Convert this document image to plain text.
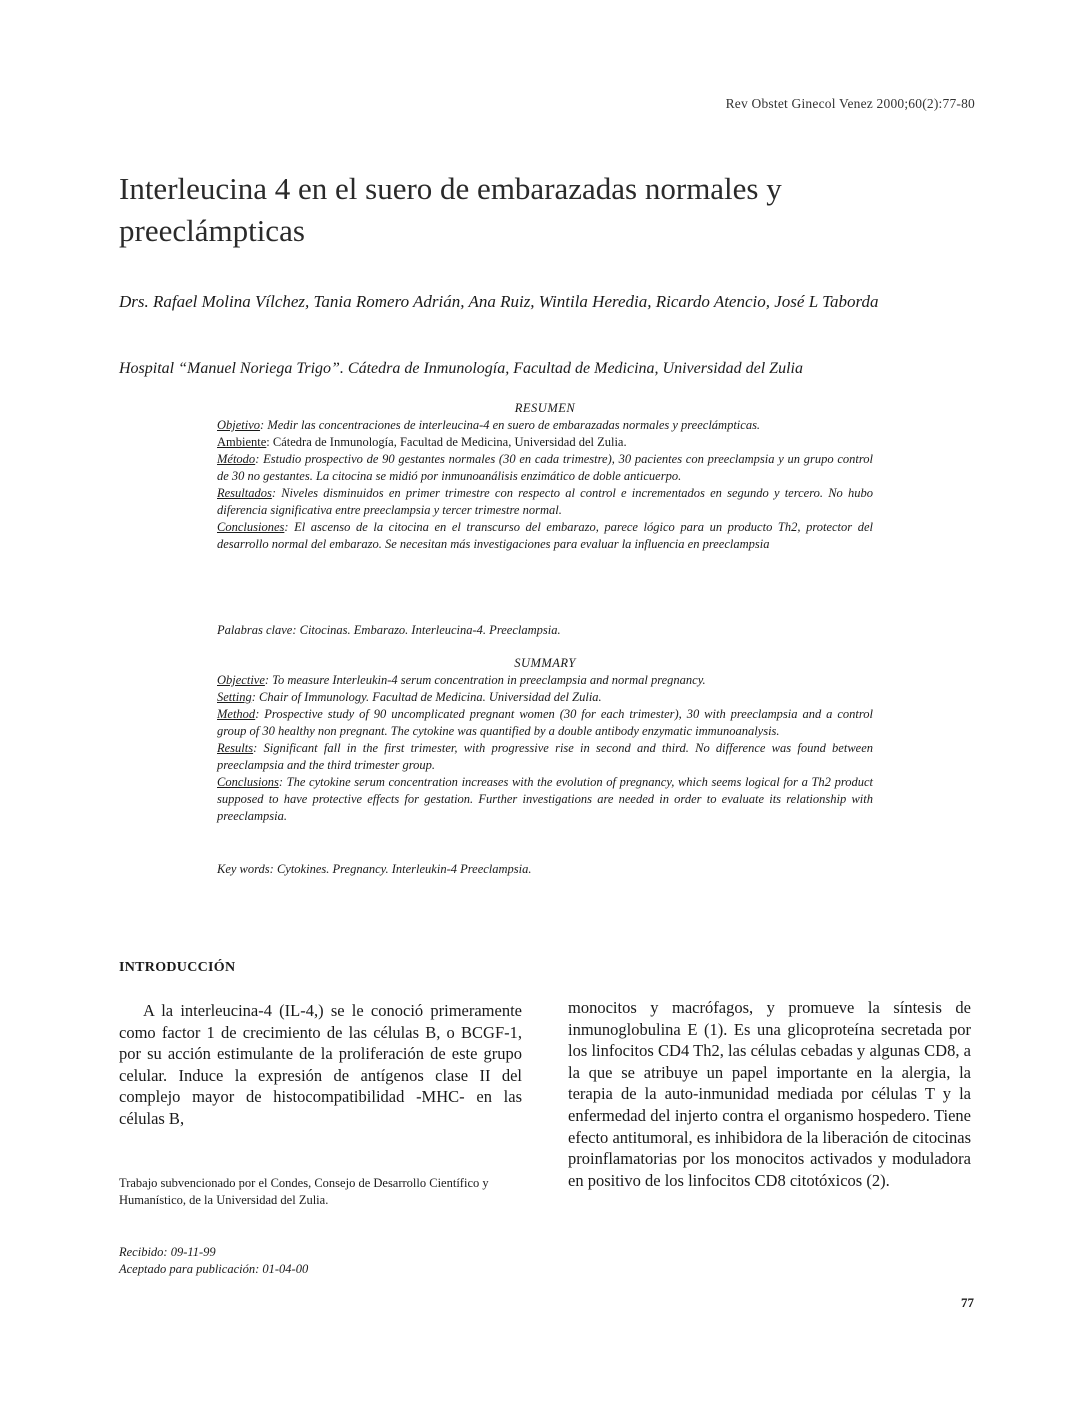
Rev Obstet Ginecol Venez 2000;60(2):77-80
Interleucina 4 en el suero de embarazadas normales y preeclámpticas
Drs. Rafael Molina Vílchez, Tania Romero Adrián, Ana Ruiz, Wintila Heredia, Ricardo Atencio, José L Taborda
Hospital “Manuel Noriega Trigo”. Cátedra de Inmunología, Facultad de Medicina, Universidad del Zulia

RESUMEN

Objetivo: Medir las concentraciones de interleucina-4 en suero de embarazadas normales y preeclámpticas.

Ambiente: Cátedra de Inmunología, Facultad de Medicina, Universidad del Zulia.

Método: Estudio prospectivo de 90 gestantes normales (30 en cada trimestre), 30 pacientes con preeclampsia y un grupo control de 30 no gestantes. La citocina se midió por inmunoanálisis enzimático de doble anticuerpo.

Resultados: Niveles disminuidos en primer trimestre con respecto al control e incrementados en segundo y tercero. No hubo diferencia significativa entre preeclampsia y tercer trimestre normal.

Conclusiones: El ascenso de la citocina en el transcurso del embarazo, parece lógico para un producto Th2, protector del desarrollo normal del embarazo. Se necesitan más investigaciones para evaluar la influencia en preeclampsia

Palabras clave: Citocinas. Embarazo. Interleucina-4. Preeclampsia.

SUMMARY

Objective: To measure Interleukin-4 serum concentration in preeclampsia and normal pregnancy.

Setting: Chair of Immunology. Facultad de Medicina. Universidad del Zulia.

Method: Prospective study of 90 uncomplicated pregnant women (30 for each trimester), 30 with preeclampsia and a control group of 30 healthy non pregnant. The cytokine was quantified by a double antibody enzymatic immunoanalysis.

Results: Significant fall in the first trimester, with progressive rise in second and third. No difference was found between preeclampsia and the third trimester group.

Conclusions: The cytokine serum concentration increases with the evolution of pregnancy, which seems logical for a Th2 product supposed to have protective effects for gestation. Further investigations are needed in order to evaluate its relationship with preeclampsia.

Key words: Cytokines. Pregnancy. Interleukin-4 Preeclampsia.
INTRODUCCIÓN

A la interleucina-4 (IL-4,) se le conoció primeramente como factor 1 de crecimiento de las células B, o BCGF-1, por su acción estimulante de la proliferación de este grupo celular. Induce la expresión de antígenos clase II del complejo mayor de histocompatibilidad -MHC- en las células B,

monocitos y macrófagos, y promueve la síntesis de inmunoglobulina E (1). Es una glicoproteína secretada por los linfocitos CD4 Th2, las células cebadas y algunas CD8, a la que se atribuye un papel importante en la alergia, la terapia de la auto-inmunidad mediada por células T y la enfermedad del injerto contra el organismo hospedero. Tiene efecto antitumoral, es inhibidora de la liberación de citocinas proinflamatorias por los monocitos activados y moduladora en positivo de los linfocitos CD8 citotóxicos (2).

Trabajo subvencionado por el Condes, Consejo de Desarrollo Científico y Humanístico, de la Universidad del Zulia.
Recibido: 09-11-99
Aceptado para publicación: 01-04-00
77
